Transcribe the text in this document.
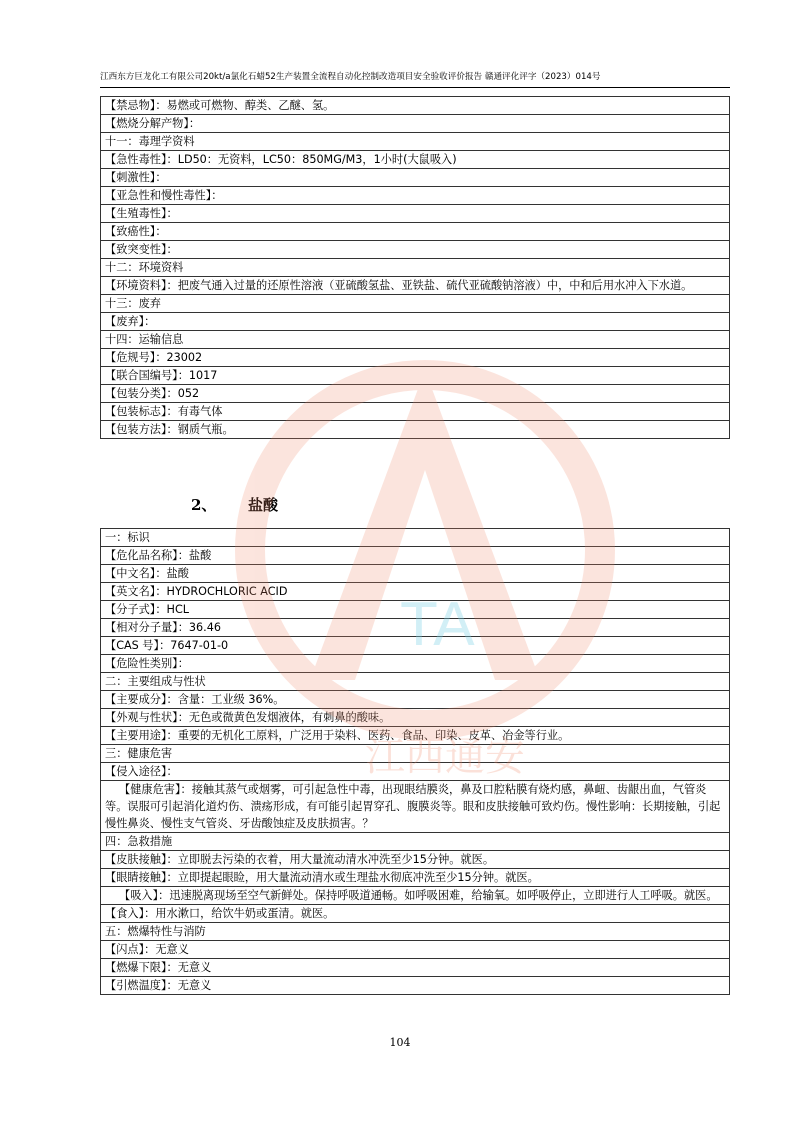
江西东方巨龙化工有限公司20kt/a氯化石蜡52生产装置全流程自动化控制改造项目安全验收评价报告 赣通评化评字（2023）014号
【禁忌物】：易燃或可燃物、醇类、乙醚、氢。
【燃烧分解产物】：
十一：毒理学资料
【急性毒性】：LD50：无资料，LC50：850MG/M3，1小时(大鼠吸入)
【刺激性】：
【亚急性和慢性毒性】：
【生殖毒性】：
【致癌性】：
【致突变性】：
十二：环境资料
【环境资料】：把废气通入过量的还原性溶液（亚硫酸氢盐、亚铁盐、硫代亚硫酸钠溶液）中，中和后用水冲入下水道。
十三：废弃
【废弃】：
十四：运输信息
【危规号】：23002
【联合国编号】：1017
【包装分类】：052
【包装标志】：有毒气体
【包装方法】：钢质气瓶。
2、 盐酸
一：标识
【危化品名称】：盐酸
【中文名】：盐酸
【英文名】：HYDROCHLORIC ACID
【分子式】：HCL
【相对分子量】：36.46
【CAS 号】：7647-01-0
【危险性类别】：
二：主要组成与性状
【主要成分】：含量：工业级 36%。
【外观与性状】：无色或微黄色发烟液体，有刺鼻的酸味。
【主要用途】：重要的无机化工原料，广泛用于染料、医药、食品、印染、皮革、冶金等行业。
三：健康危害
【侵入途径】：
【健康危害】：接触其蒸气或烟雾，可引起急性中毒，出现眼结膜炎，鼻及口腔粘膜有烧灼感，鼻衄、齿龈出血，气管炎等。误服可引起消化道灼伤、溃疡形成，有可能引起胃穿孔、腹膜炎等。眼和皮肤接触可致灼伤。慢性影响：长期接触，引起慢性鼻炎、慢性支气管炎、牙齿酸蚀症及皮肤损害。？
四：急救措施
【皮肤接触】：立即脱去污染的衣着，用大量流动清水冲洗至少15分钟。就医。
【眼睛接触】：立即提起眼睑，用大量流动清水或生理盐水彻底冲洗至少15分钟。就医。
【吸入】：迅速脱离现场至空气新鲜处。保持呼吸道通畅。如呼吸困难，给输氧。如呼吸停止，立即进行人工呼吸。就医。
【食入】：用水漱口，给饮牛奶或蛋清。就医。
五：燃爆特性与消防
【闪点】：无意义
【燃爆下限】：无意义
【引燃温度】：无意义
TA
江西通安
104
